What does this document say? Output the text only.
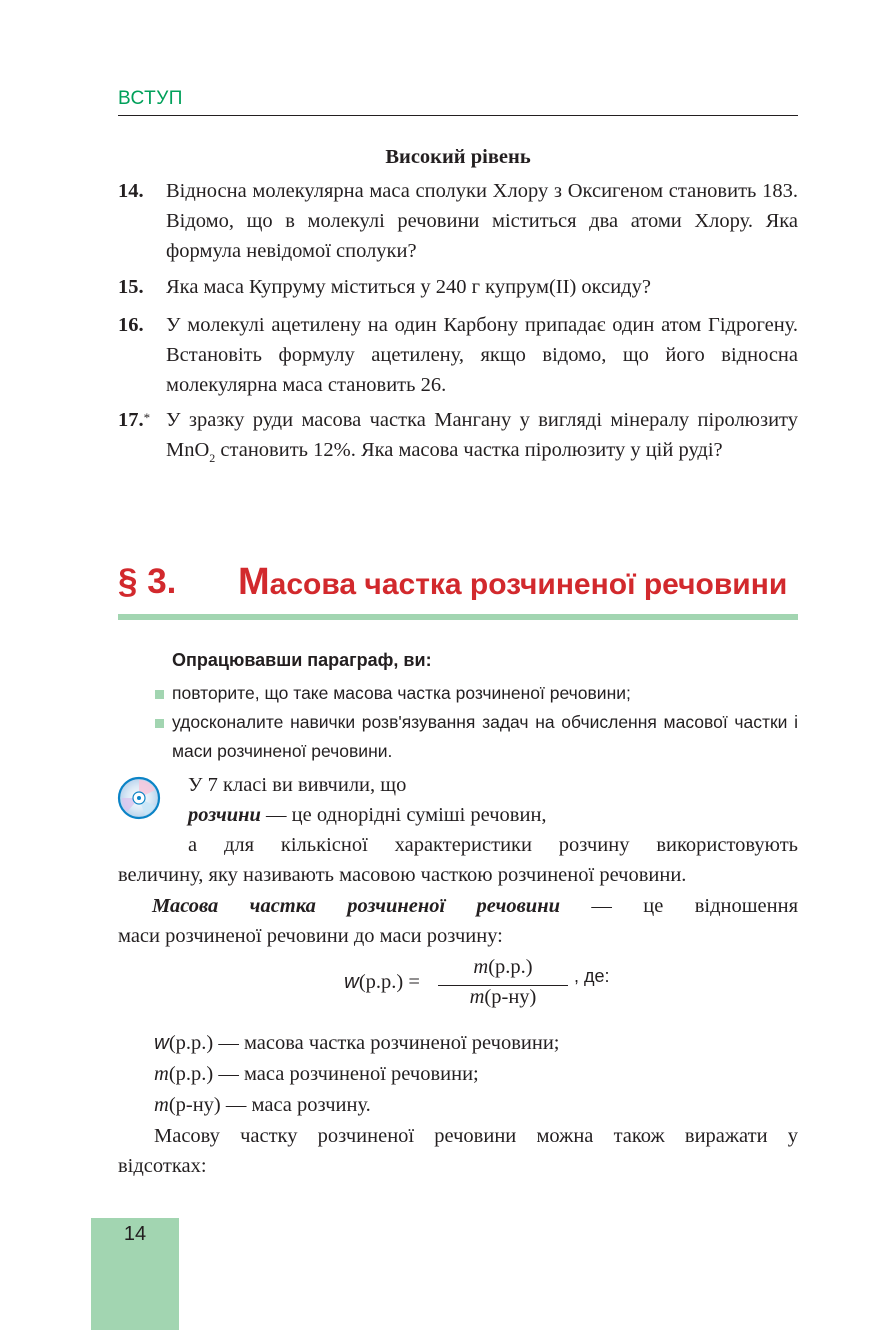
ВСТУП
Високий рівень
14. Відносна молекулярна маса сполуки Хлору з Оксигеном становить 183. Відомо, що в молекулі речовини міститься два атоми Хлору. Яка формула невідомої сполуки?
15. Яка маса Купруму міститься у 240 г купрум(ІІ) оксиду?
16. У молекулі ацетилену на один Карбону припадає один атом Гідрогену. Встановіть формулу ацетилену, якщо відомо, що його відносна молекулярна маса становить 26.
17.* У зразку руди масова частка Мангану у вигляді мінералу піролюзиту MnO$_2$ становить 12%. Яка масова частка піролюзиту у цій руді?
§ 3. Масова частка розчиненої речовини
Опрацювавши параграф, ви:
повторите, що таке масова частка розчиненої речовини;
удосконалите навички розв'язування задач на обчислення масової частки і маси розчиненої речовини.
У 7 класі ви вивчили, що
розчини — це однорідні суміші речовин,
а для кількісної характеристики розчину використовують
величину, яку називають масовою часткою розчиненої речовини.
Масова частка розчиненої речовини — це відношення
маси розчиненої речовини до маси розчину:
w(р.р.) =
m(р.р.)
m(р-ну)
, де:
w(р.р.) — масова частка розчиненої речовини;
m(р.р.) — маса розчиненої речовини;
m(р-ну) — маса розчину.
Масову частку розчиненої речовини можна також виражати у
відсотках:
14
